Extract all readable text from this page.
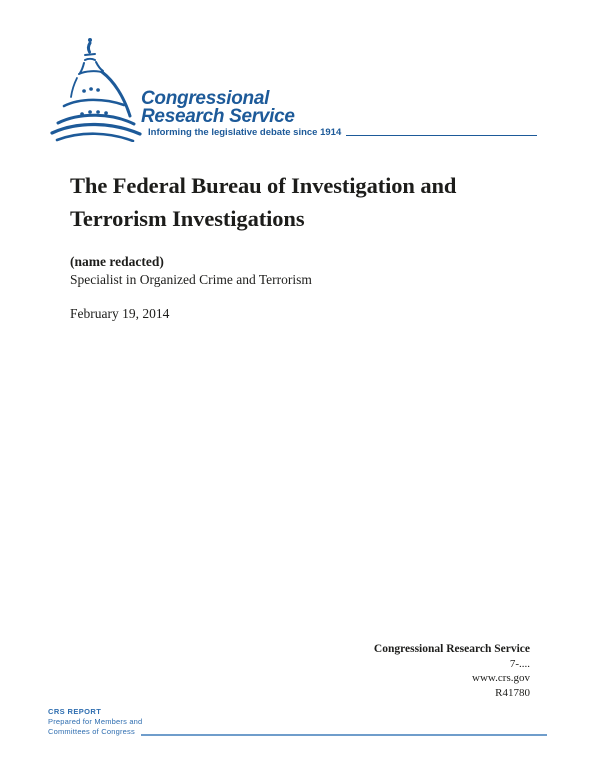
Congressional
Research Service
Informing the legislative debate since 1914
The Federal Bureau of Investigation and
Terrorism Investigations
(name redacted)
Specialist in Organized Crime and Terrorism
February 19, 2014
Congressional Research Service
7-....
www.crs.gov
R41780
CRS REPORT
Prepared for Members and
Committees of Congress
